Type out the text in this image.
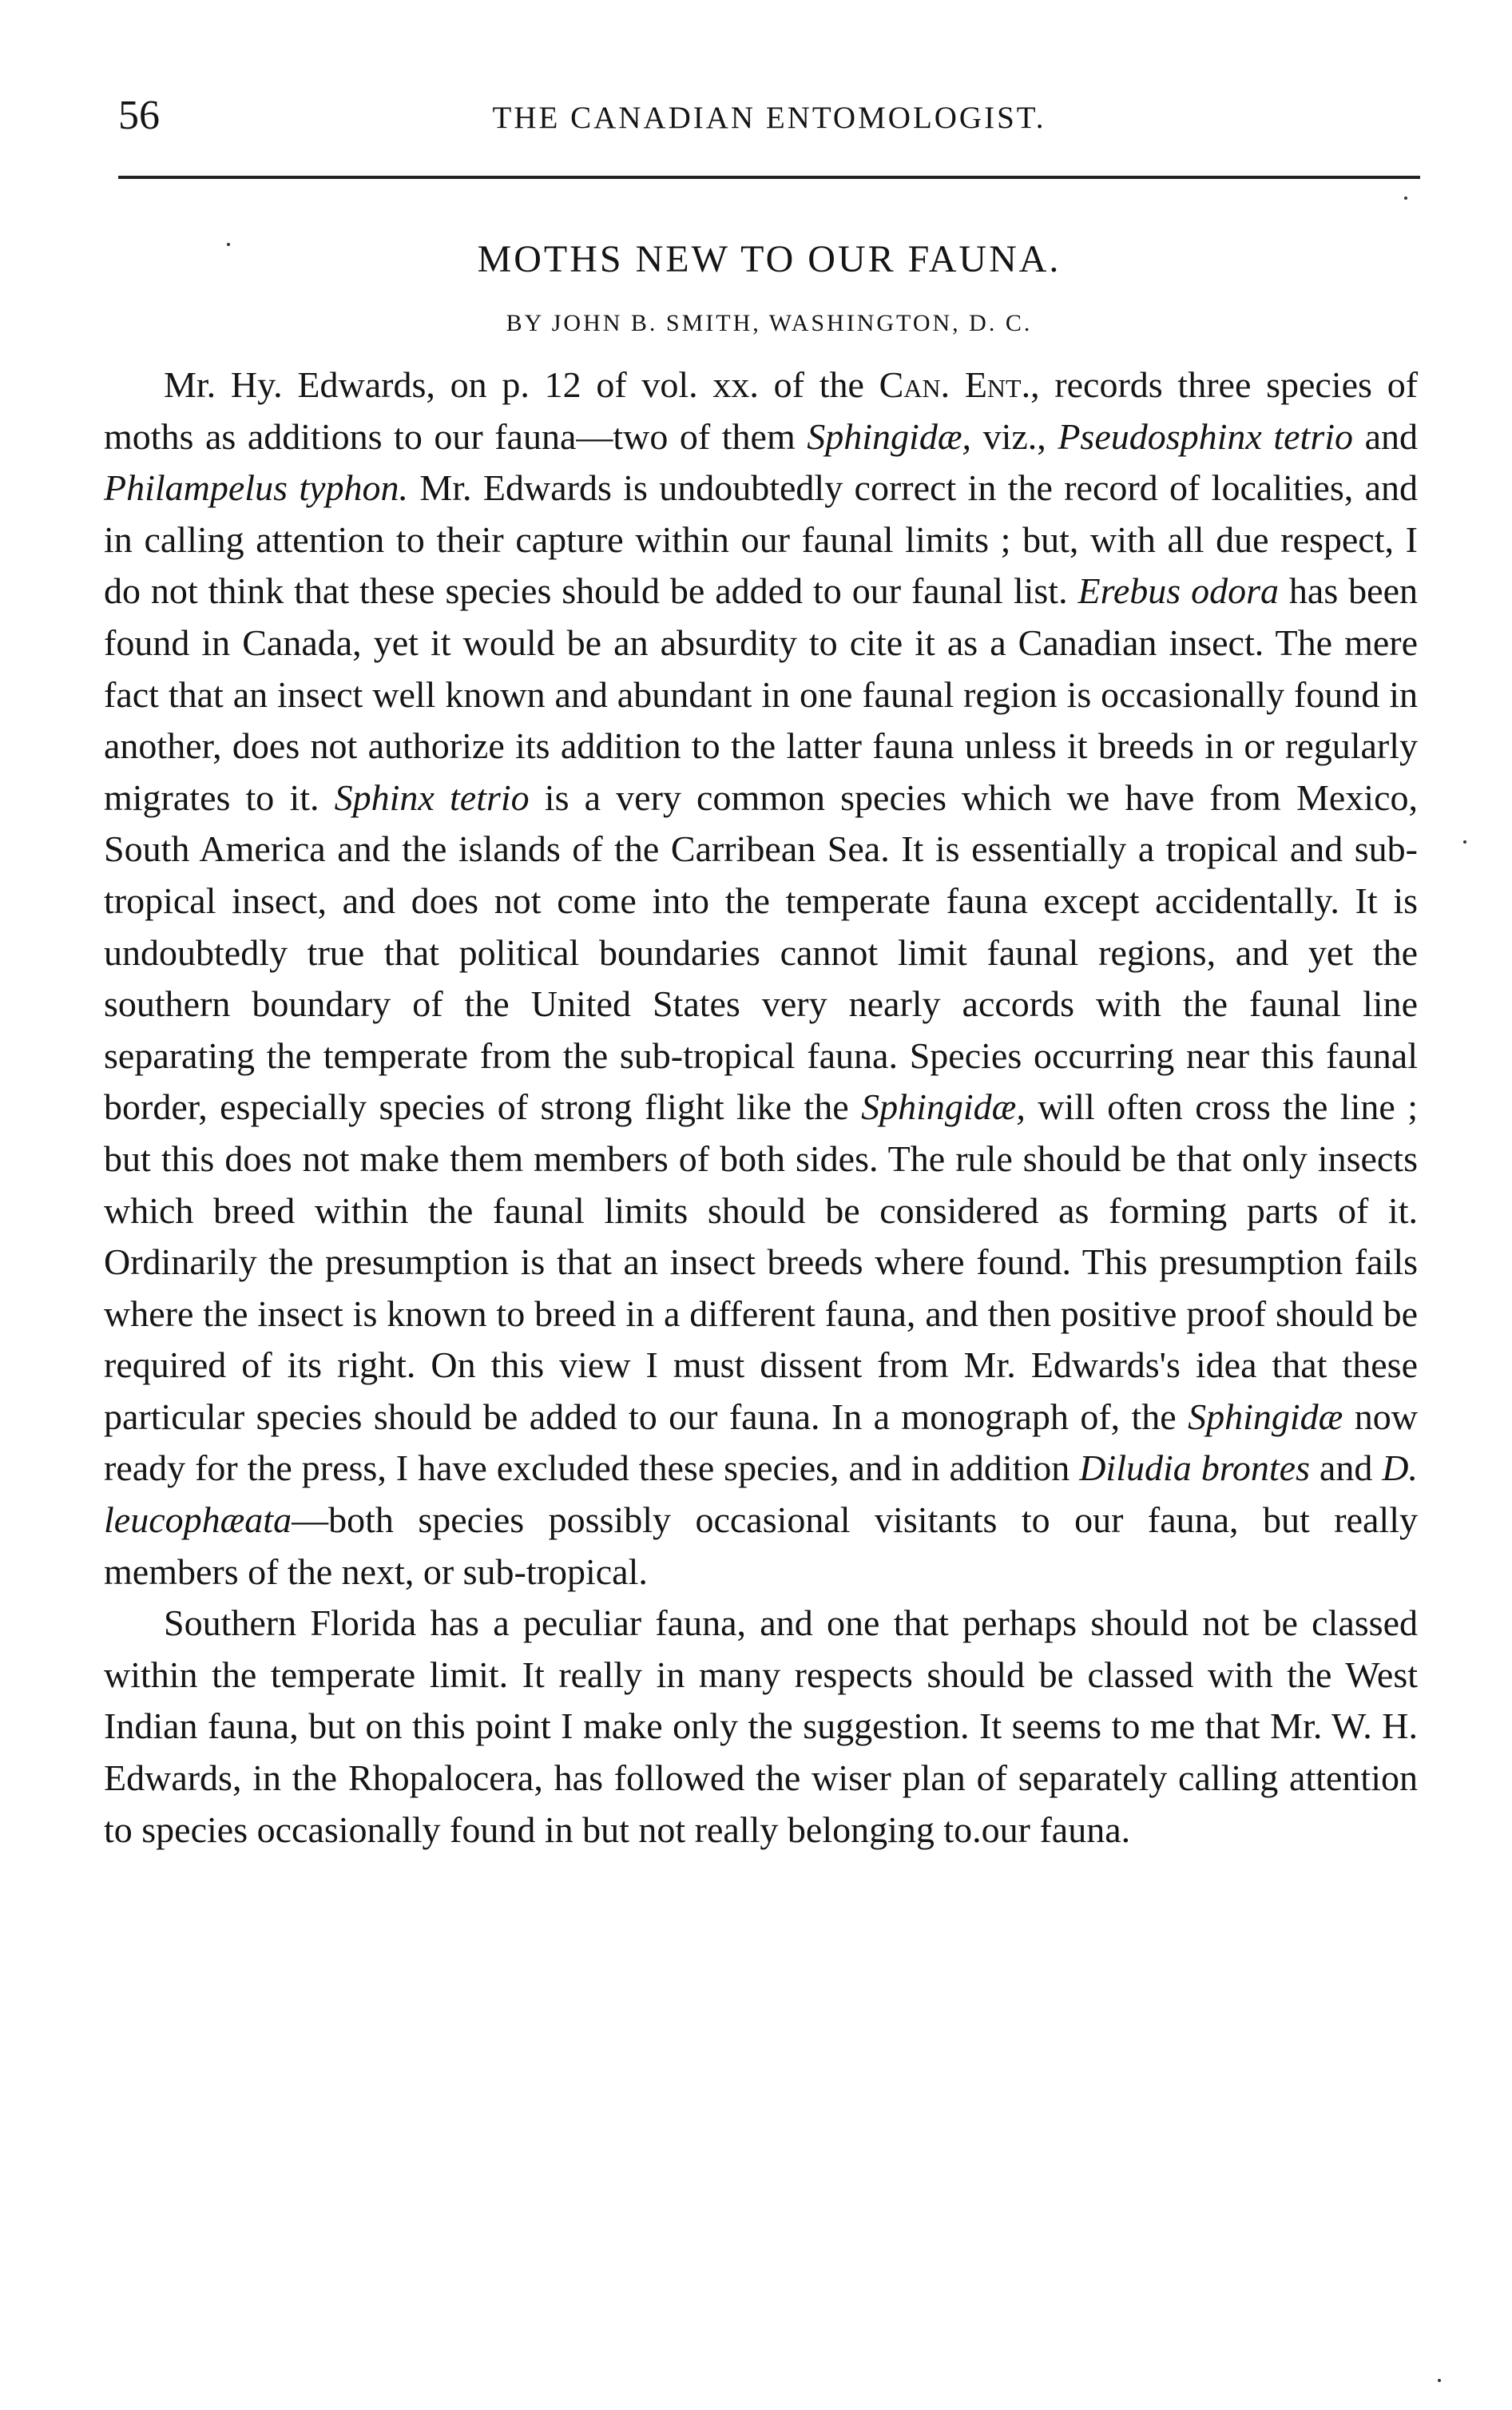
56	THE CANADIAN ENTOMOLOGIST.
MOTHS NEW TO OUR FAUNA.
BY JOHN B. SMITH, WASHINGTON, D. C.

Mr. Hy. Edwards, on p. 12 of vol. xx. of the Can. Ent., records three species of moths as additions to our fauna—two of them Sphingidæ, viz., Pseudosphinx tetrio and Philampelus typhon. Mr. Edwards is undoubtedly correct in the record of localities, and in calling attention to their capture within our faunal limits ; but, with all due respect, I do not think that these species should be added to our faunal list. Erebus odora has been found in Canada, yet it would be an absurdity to cite it as a Canadian insect. The mere fact that an insect well known and abundant in one faunal region is occasionally found in another, does not authorize its addition to the latter fauna unless it breeds in or regularly migrates to it. Sphinx tetrio is a very common species which we have from Mexico, South America and the islands of the Carribean Sea. It is essentially a tropical and sub-tropical insect, and does not come into the temperate fauna except accidentally. It is undoubtedly true that political boundaries cannot limit faunal regions, and yet the southern boundary of the United States very nearly accords with the faunal line separating the temperate from the sub-tropical fauna. Species occurring near this faunal border, especially species of strong flight like the Sphingidæ, will often cross the line ; but this does not make them members of both sides. The rule should be that only insects which breed within the faunal limits should be considered as forming parts of it. Ordinarily the presumption is that an insect breeds where found. This presumption fails where the insect is known to breed in a different fauna, and then positive proof should be required of its right. On this view I must dissent from Mr. Edwards's idea that these particular species should be added to our fauna. In a monograph of, the Sphingidæ now ready for the press, I have excluded these species, and in addition Diludia brontes and D. leucophæata—both species possibly occasional visitants to our fauna, but really members of the next, or sub-tropical.

Southern Florida has a peculiar fauna, and one that perhaps should not be classed within the temperate limit. It really in many respects should be classed with the West Indian fauna, but on this point I make only the suggestion. It seems to me that Mr. W. H. Edwards, in the Rhopalocera, has followed the wiser plan of separately calling attention to species occasionally found in but not really belonging to.our fauna.
